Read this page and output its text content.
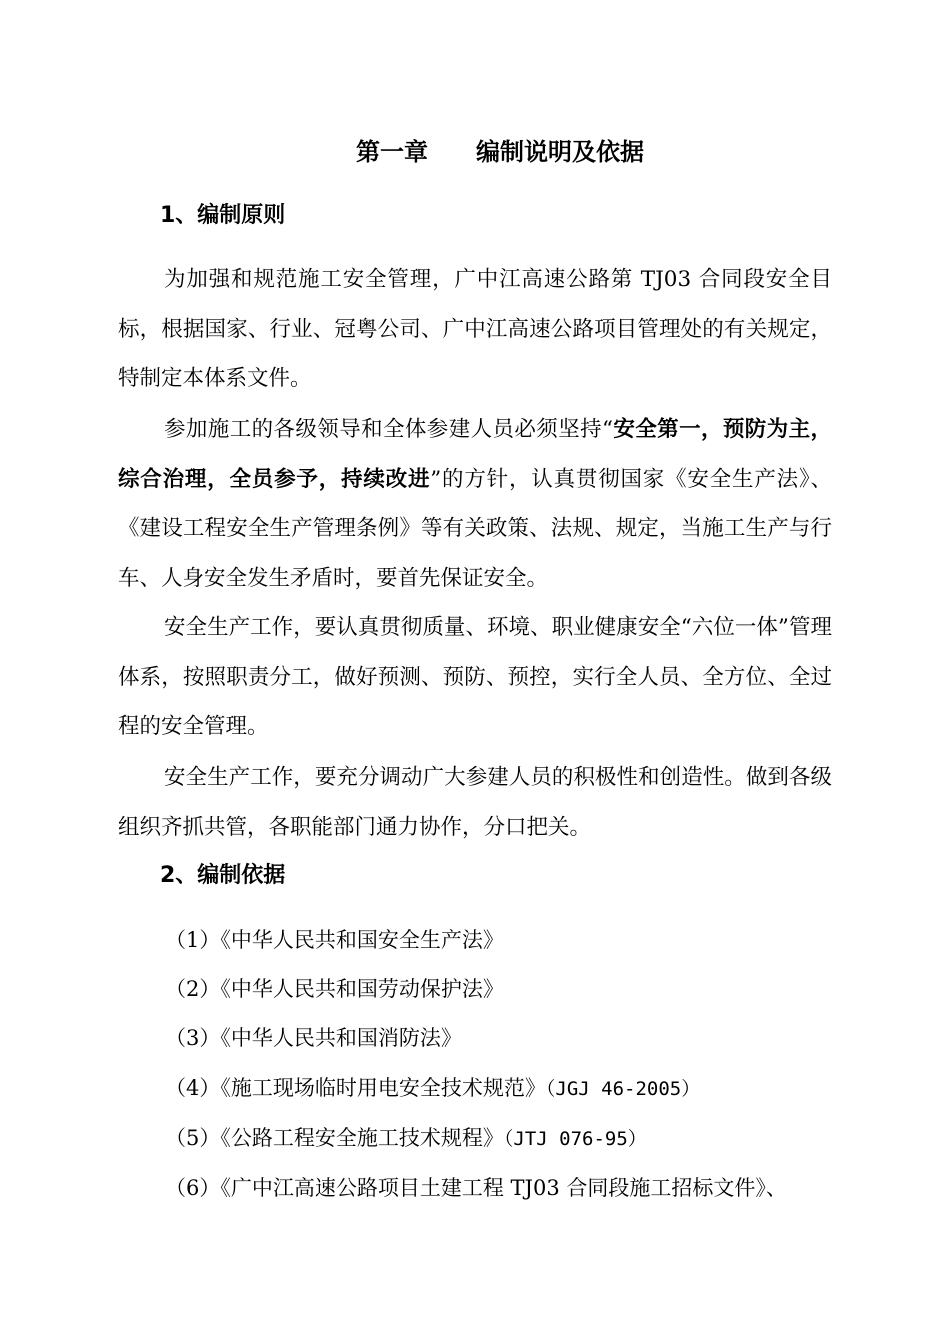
第一章　　编制说明及依据
1、编制原则

为加强和规范施工安全管理，广中江高速公路第 TJ03 合同段安全目标，根据国家、行业、冠粤公司、广中江高速公路项目管理处的有关规定，特制定本体系文件。

参加施工的各级领导和全体参建人员必须坚持“安全第一，预防为主，综合治理，全员参予，持续改进”的方针，认真贯彻国家《安全生产法》、《建设工程安全生产管理条例》等有关政策、法规、规定，当施工生产与行车、人身安全发生矛盾时，要首先保证安全。

安全生产工作，要认真贯彻质量、环境、职业健康安全“六位一体”管理体系，按照职责分工，做好预测、预防、预控，实行全人员、全方位、全过程的安全管理。

安全生产工作，要充分调动广大参建人员的积极性和创造性。做到各级组织齐抓共管，各职能部门通力协作，分口把关。

2、编制依据

（1）《中华人民共和国安全生产法》

（2）《中华人民共和国劳动保护法》

（3）《中华人民共和国消防法》

（4）《施工现场临时用电安全技术规范》（JGJ 46-2005）

（5）《公路工程安全施工技术规程》（JTJ 076-95）

（6）《广中江高速公路项目土建工程 TJ03 合同段施工招标文件》、
